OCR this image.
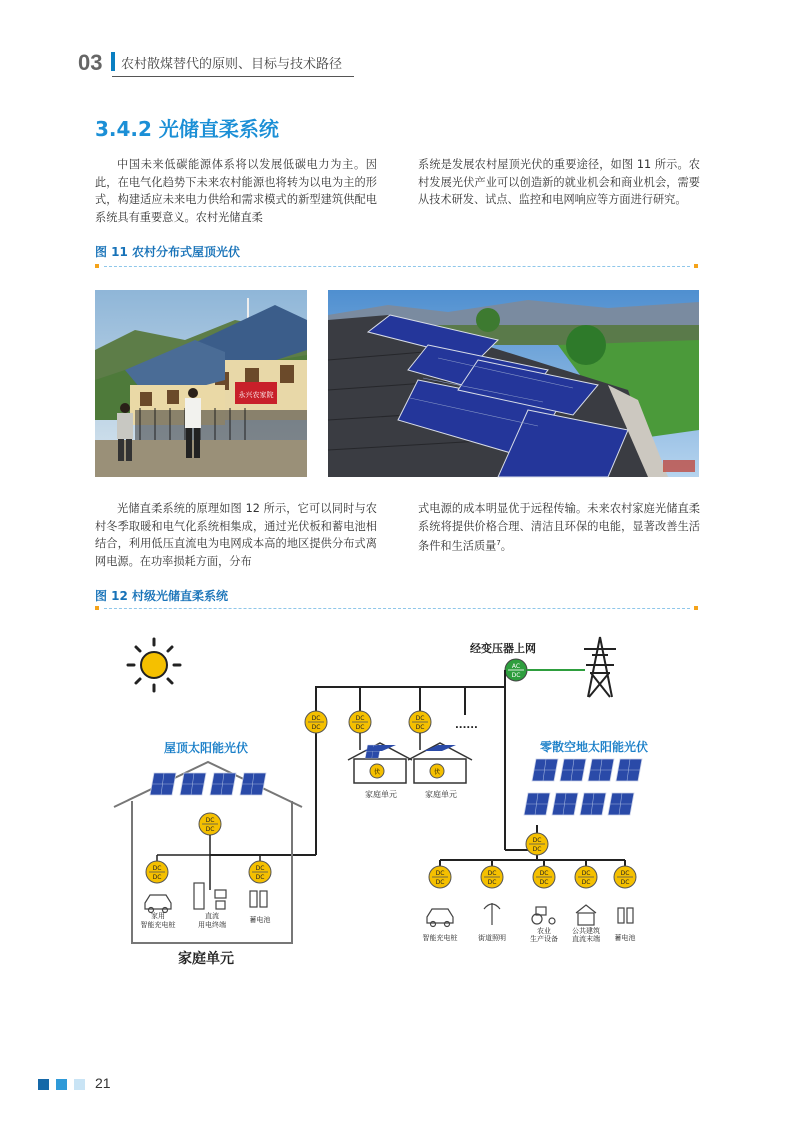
03 农村散煤替代的原则、目标与技术路径
3.4.2 光储直柔系统

中国未来低碳能源体系将以发展低碳电力为主。因此，在电气化趋势下未来农村能源也将转为以电为主的形式，构建适应未来电力供给和需求模式的新型建筑供配电系统具有重要意义。农村光储直柔

系统是发展农村屋顶光伏的重要途径，如图 11 所示。农村发展光伏产业可以创造新的就业机会和商业机会，需要从技术研发、试点、监控和电网响应等方面进行研究。

图 11 农村分布式屋顶光伏
永兴农家院

光储直柔系统的原理如图 12 所示，它可以同时与农村冬季取暖和电气化系统相集成，通过光伏板和蓄电池相结合，利用低压直流电为电网成本高的地区提供分布式离网电源。在功率损耗方面，分布

式电源的成本明显优于远程传输。未来农村家庭光储直柔系统将提供价格合理、清洁且环保的电能，显著改善生活条件和生活质量$^7$。

图 12 村级光储直柔系统
DC
DC
经变压器上网
AC
DC
......
伏
家庭单元
伏
家庭单元
屋顶太阳能光伏
家用智能充电桩
直流用电终端
蓄电池
家庭单元
零散空地太阳能光伏
智能充电桩	街道照明
农业生产设备
公共建筑直流末端 蓄电池
21
